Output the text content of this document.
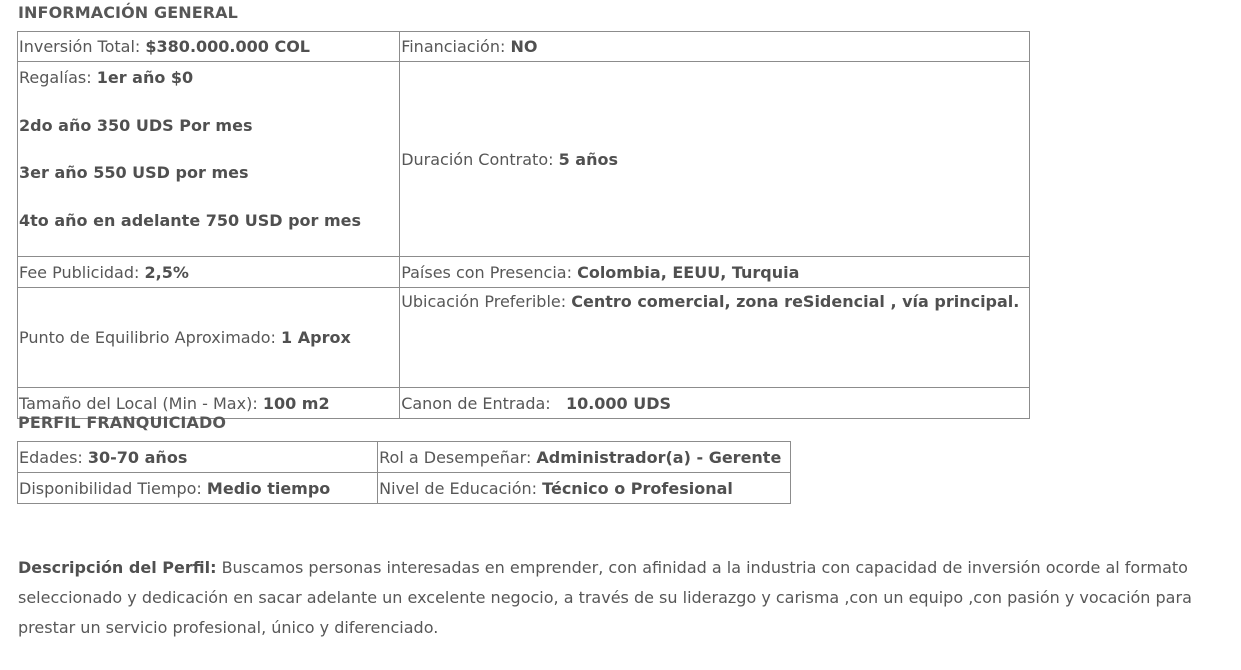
INFORMACIÓN GENERAL
Inversión Total: $380.000.000 COL	Financiación: NO

Regalías: 1er año $0

2do año 350 UDS Por mes

3er año 550 USD por mes

4to año en adelante 750 USD por mes	Duración Contrato: 5 años
Fee Publicidad: 2,5%	Países con Presencia: Colombia, EEUU, Turquia
Punto de Equilibrio Aproximado: 1 Aprox	Ubicación Preferible: Centro comercial, zona reSidencial , vía principal.
Tamaño del Local (Min - Max): 100 m2	Canon de Entrada: 10.000 UDS
PERFIL FRANQUICIADO
Edades: 30-70 años	Rol a Desempeñar: Administrador(a) - Gerente
Disponibilidad Tiempo: Medio tiempo	Nivel de Educación: Técnico o Profesional

Descripción del Perfil: Buscamos personas interesadas en emprender, con afinidad a la industria con capacidad de inversión ocorde al formato seleccionado y dedicación en sacar adelante un excelente negocio, a través de su liderazgo y carisma ,con un equipo ,con pasión y vocación para prestar un servicio profesional, único y diferenciado.
